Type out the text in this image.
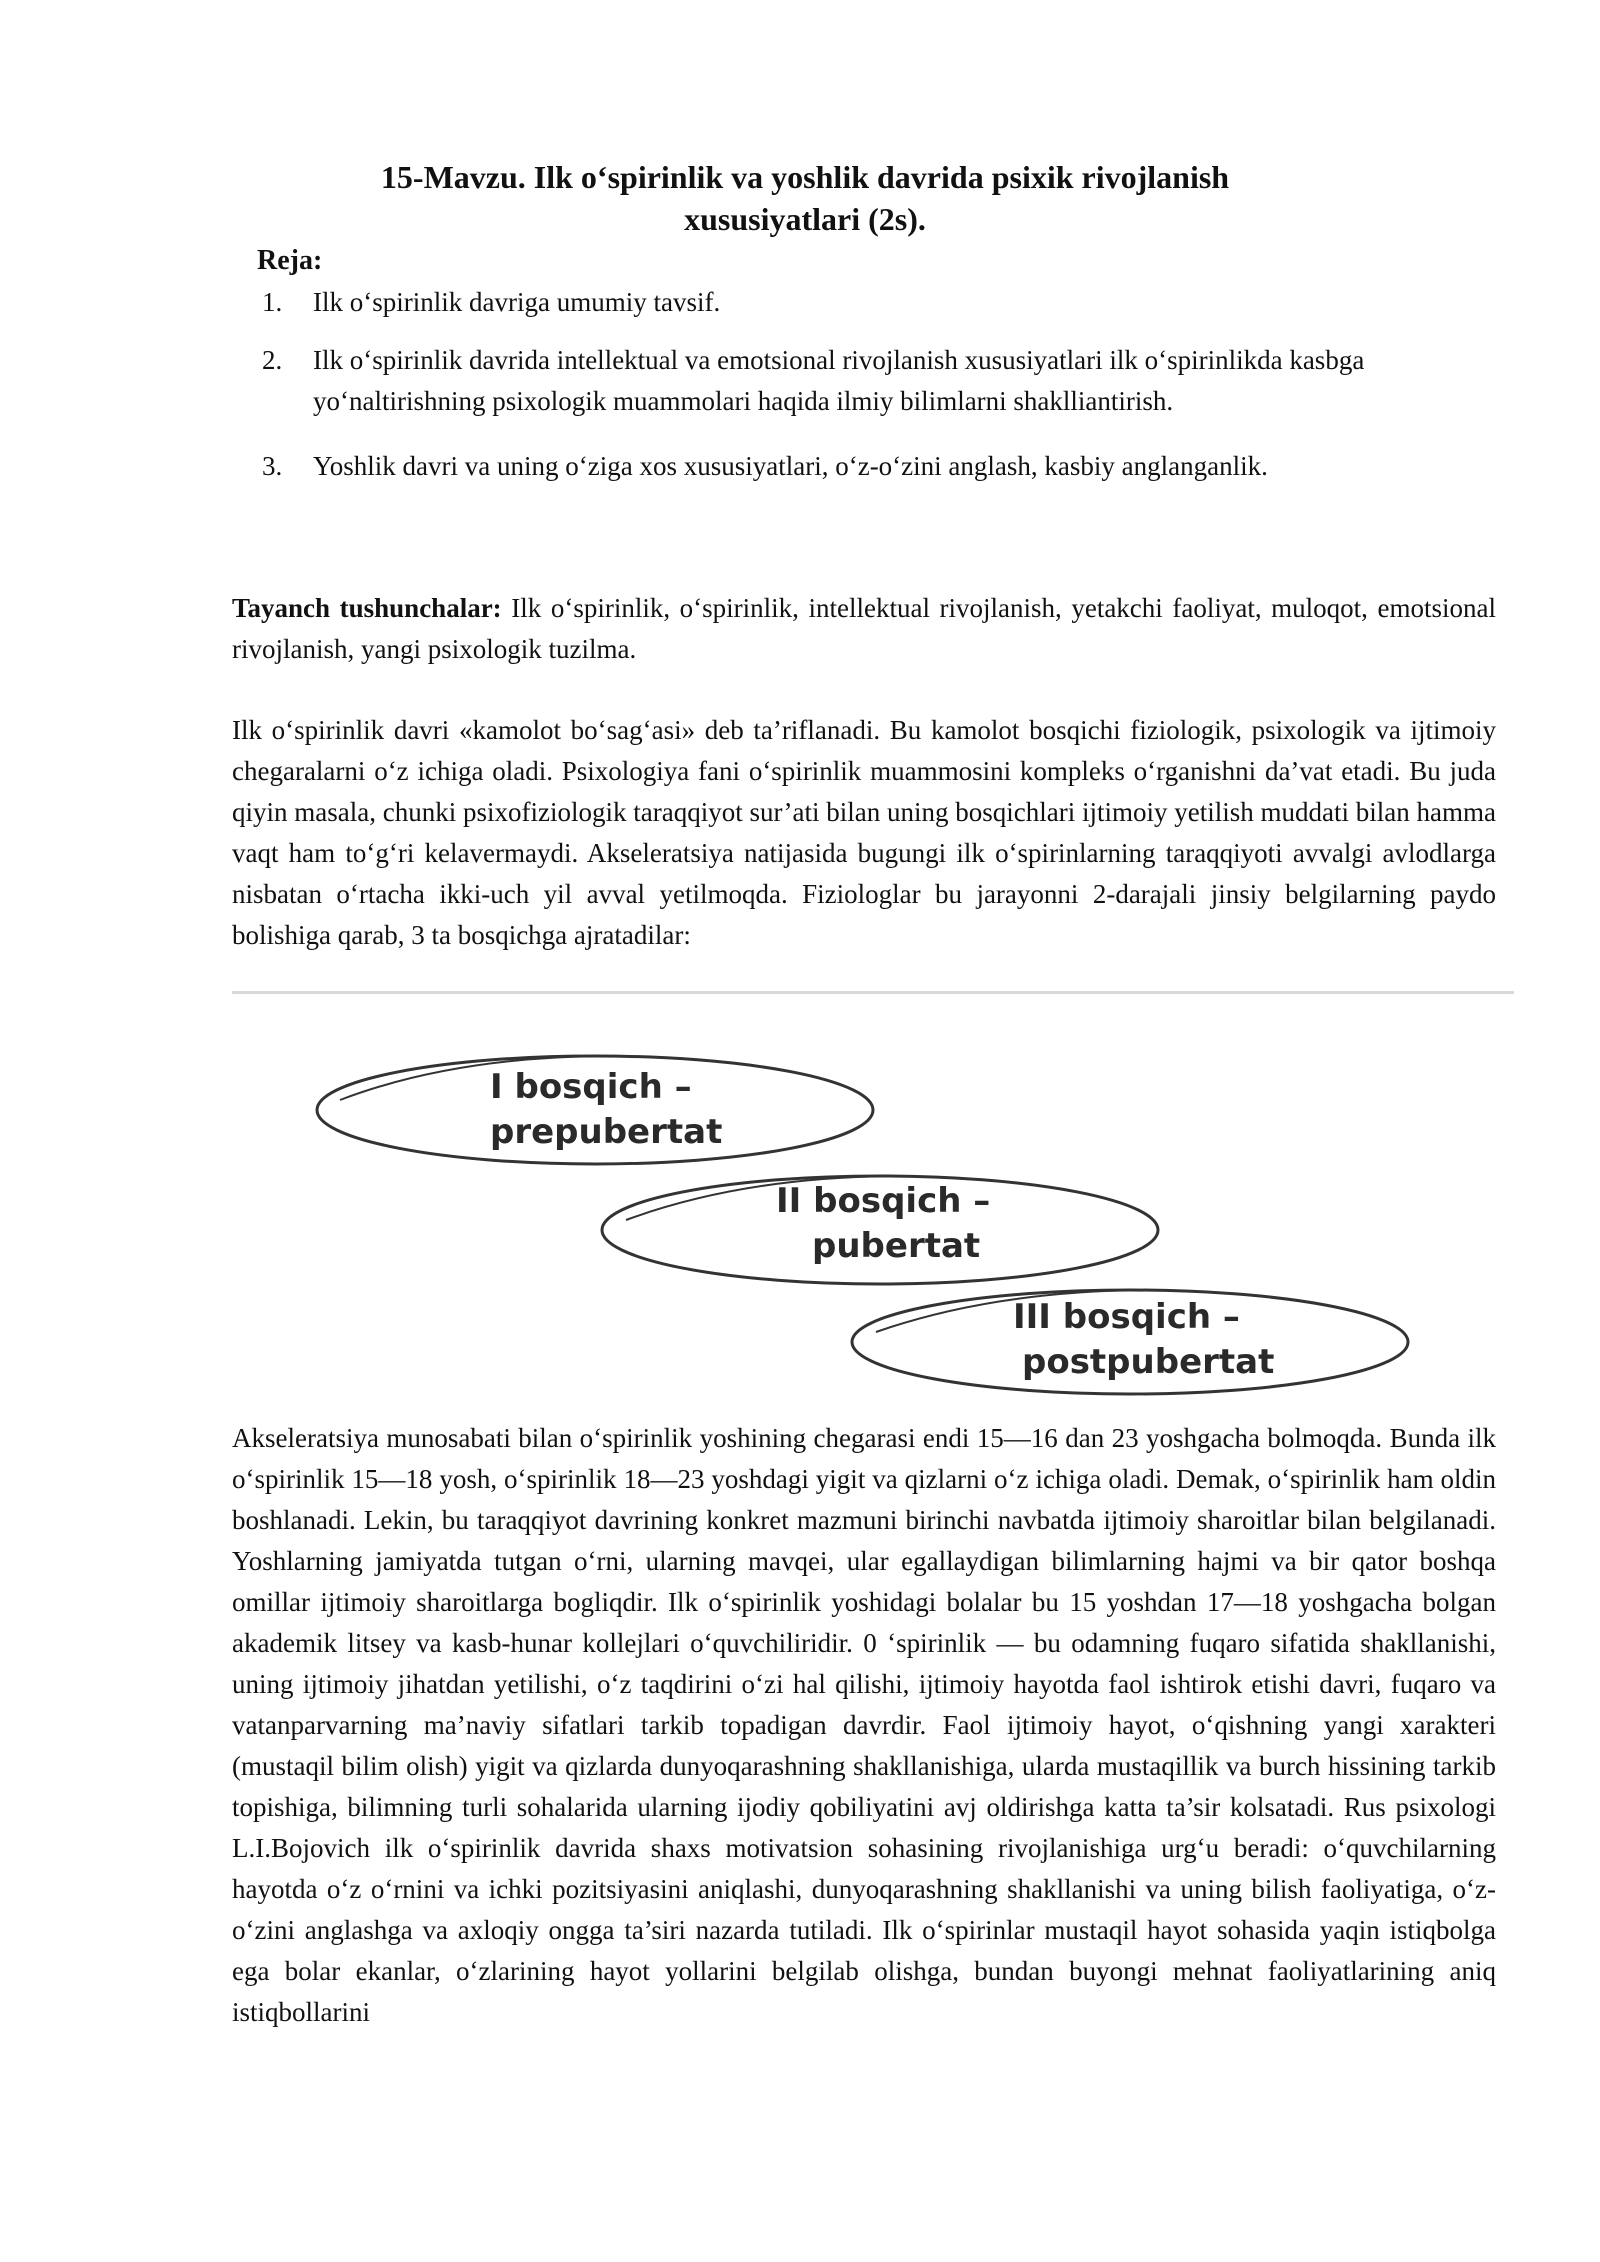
15-Mavzu. Ilk o‘spirinlik va yoshlik davrida psixik rivojlanish
xususiyatlari (2s).
Reja:
1. Ilk o‘spirinlik davriga umumiy tavsif.
2. Ilk o‘spirinlik davrida intellektual va emotsional rivojlanish xususiyatlari ilk o‘spirinlikda kasbga yo‘naltirishning psixologik muammolari haqida ilmiy bilimlarni shaklliantirish.
3. Yoshlik davri va uning o‘ziga xos xususiyatlari, o‘z-o‘zini anglash, kasbiy anglanganlik.
Tayanch tushunchalar: Ilk o‘spirinlik, o‘spirinlik, intellektual rivojlanish, yetakchi faoliyat, muloqot, emotsional rivojlanish, yangi psixologik tuzilma.
Ilk o‘spirinlik davri «kamolot bo‘sag‘asi» deb ta’riflanadi. Bu kamolot bosqichi fiziologik, psixologik va ijtimoiy chegaralarni o‘z ichiga oladi. Psixologiya fani o‘spirinlik muammosini kompleks o‘rganishni da’vat etadi. Bu juda qiyin masala, chunki psixofiziologik taraqqiyot sur’ati bilan uning bosqichlari ijtimoiy yetilish muddati bilan hamma vaqt ham to‘g‘ri kelavermaydi. Akseleratsiya natijasida bugungi ilk o‘spirinlarning taraqqiyoti avvalgi avlodlarga nisbatan o‘rtacha ikki-uch yil avval yetilmoqda. Fiziologlar bu jarayonni 2-darajali jinsiy belgilarning paydo bolishiga qarab, 3 ta bosqichga ajratadilar:
I bosqich –
prepubertat
II bosqich –
pubertat
III bosqich –
postpubertat
Akseleratsiya munosabati bilan o‘spirinlik yoshining chegarasi endi 15—16 dan 23 yoshgacha bolmoqda. Bunda ilk o‘spirinlik 15—18 yosh, o‘spirinlik 18—23 yoshdagi yigit va qizlarni o‘z ichiga oladi. Demak, o‘spirinlik ham oldin boshlanadi. Lekin, bu taraqqiyot davrining konkret mazmuni birinchi navbatda ijtimoiy sharoitlar bilan belgilanadi. Yoshlarning jamiyatda tutgan o‘rni, ularning mavqei, ular egallaydigan bilimlarning hajmi va bir qator boshqa omillar ijtimoiy sharoitlarga bogliqdir. Ilk o‘spirinlik yoshidagi bolalar bu 15 yoshdan 17—18 yoshgacha bolgan akademik litsey va kasb-hunar kollejlari o‘quvchiliridir. 0 ‘spirinlik — bu odamning fuqaro sifatida shakllanishi, uning ijtimoiy jihatdan yetilishi, o‘z taqdirini o‘zi hal qilishi, ijtimoiy hayotda faol ishtirok etishi davri, fuqaro va vatanparvarning ma’naviy sifatlari tarkib topadigan davrdir. Faol ijtimoiy hayot, o‘qishning yangi xarakteri (mustaqil bilim olish) yigit va qizlarda dunyoqarashning shakllanishiga, ularda mustaqillik va burch hissining tarkib topishiga, bilimning turli sohalarida ularning ijodiy qobiliyatini avj oldirishga katta ta’sir kolsatadi. Rus psixologi L.I.Bojovich ilk o‘spirinlik davrida shaxs motivatsion sohasining rivojlanishiga urg‘u beradi: o‘quvchilarning hayotda o‘z o‘rnini va ichki pozitsiyasini aniqlashi, dunyoqarashning shakllanishi va uning bilish faoliyatiga, o‘z-o‘zini anglashga va axloqiy ongga ta’siri nazarda tutiladi. Ilk o‘spirinlar mustaqil hayot sohasida yaqin istiqbolga ega bolar ekanlar, o‘zlarining hayot yollarini belgilab olishga, bundan buyongi mehnat faoliyatlarining aniq istiqbollarini
